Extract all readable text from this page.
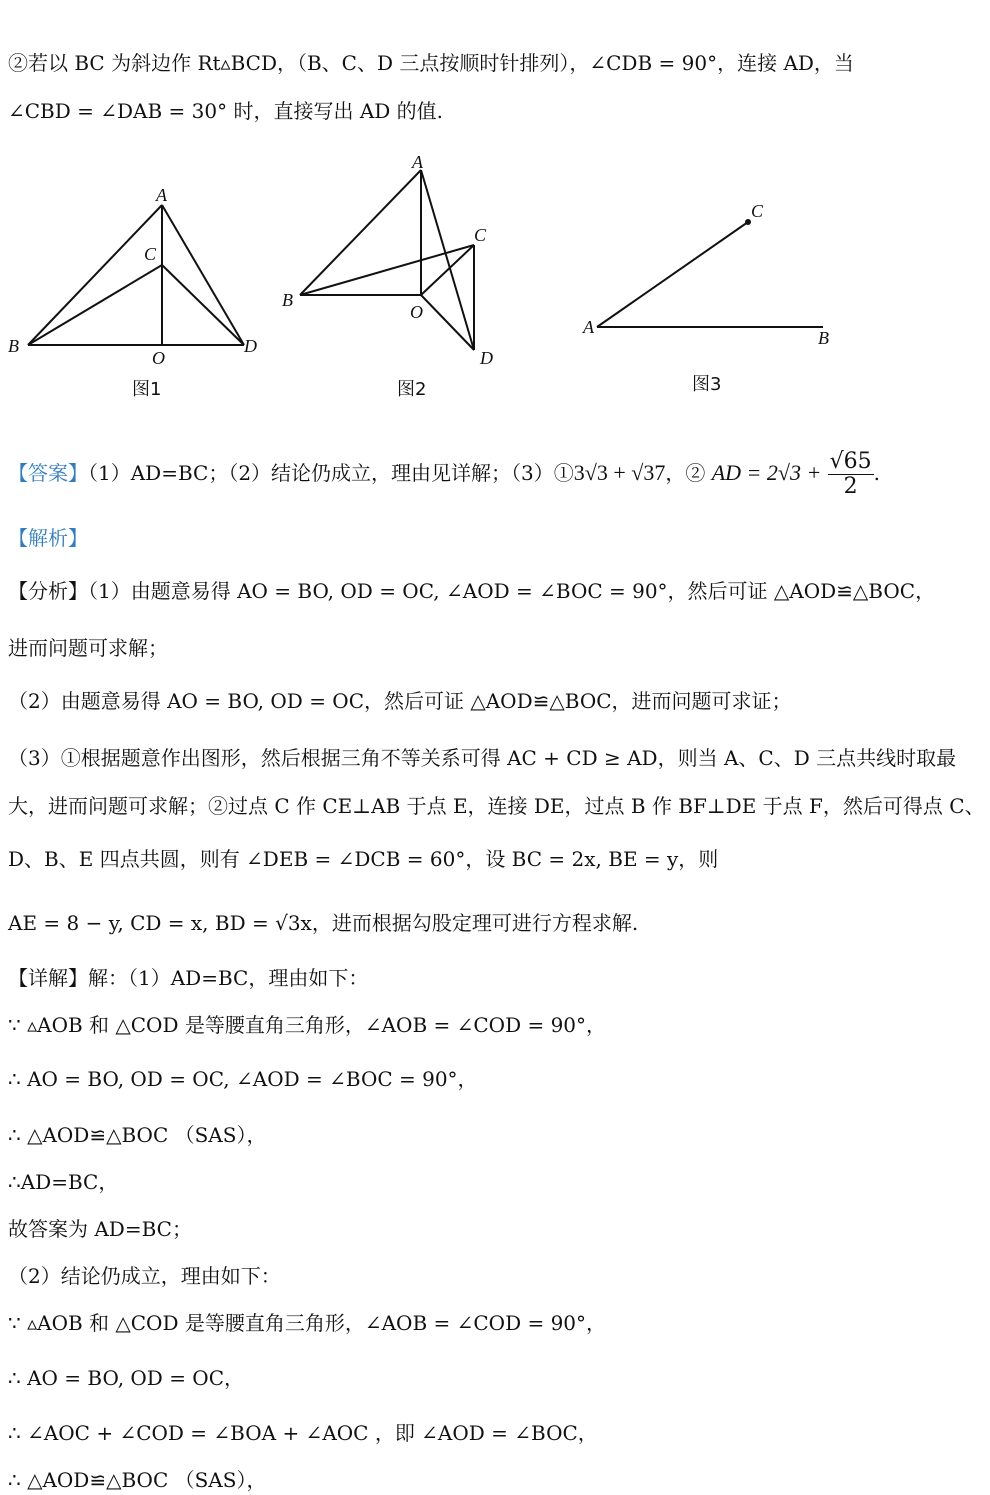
②若以 BC 为斜边作 Rt▵BCD，（B、C、D 三点按顺时针排列），∠CDB = 90°，连接 AD，当
∠CBD = ∠DAB = 30° 时，直接写出 AD 的值.
A
C
B
O
D
图1
A
C
B
O
D
图2
C
A
B
图3
【答案】（1）AD=BC；（2）结论仍成立，理由见详解；（3）①3√3 + √37，② AD = $2√3 + \frac{√65}{2}$ .
【解析】
【分析】（1）由题意易得 AO = BO, OD = OC, ∠AOD = ∠BOC = 90°，然后可证 △AOD≌△BOC，
进而问题可求解；
（2）由题意易得 AO = BO, OD = OC，然后可证 △AOD≌△BOC，进而问题可求证；
（3）①根据题意作出图形，然后根据三角不等关系可得 AC + CD ≥ AD，则当 A、C、D 三点共线时取最
大，进而问题可求解；②过点 C 作 CE⊥AB 于点 E，连接 DE，过点 B 作 BF⊥DE 于点 F，然后可得点 C、
D、B、E 四点共圆，则有 ∠DEB = ∠DCB = 60°，设 BC = 2x, BE = y，则
AE = 8 − y, CD = x, BD = √3x，进而根据勾股定理可进行方程求解.
【详解】解：（1）AD=BC，理由如下：
∵ ▵AOB 和 △COD 是等腰直角三角形，∠AOB = ∠COD = 90°，
∴ AO = BO, OD = OC, ∠AOD = ∠BOC = 90°，
∴ △AOD≌△BOC （SAS），
∴AD=BC，
故答案为 AD=BC；
（2）结论仍成立，理由如下：
∵ ▵AOB 和 △COD 是等腰直角三角形，∠AOB = ∠COD = 90°，
∴ AO = BO, OD = OC，
∴ ∠AOC + ∠COD = ∠BOA + ∠AOC ，即 ∠AOD = ∠BOC，
∴ △AOD≌△BOC （SAS），
